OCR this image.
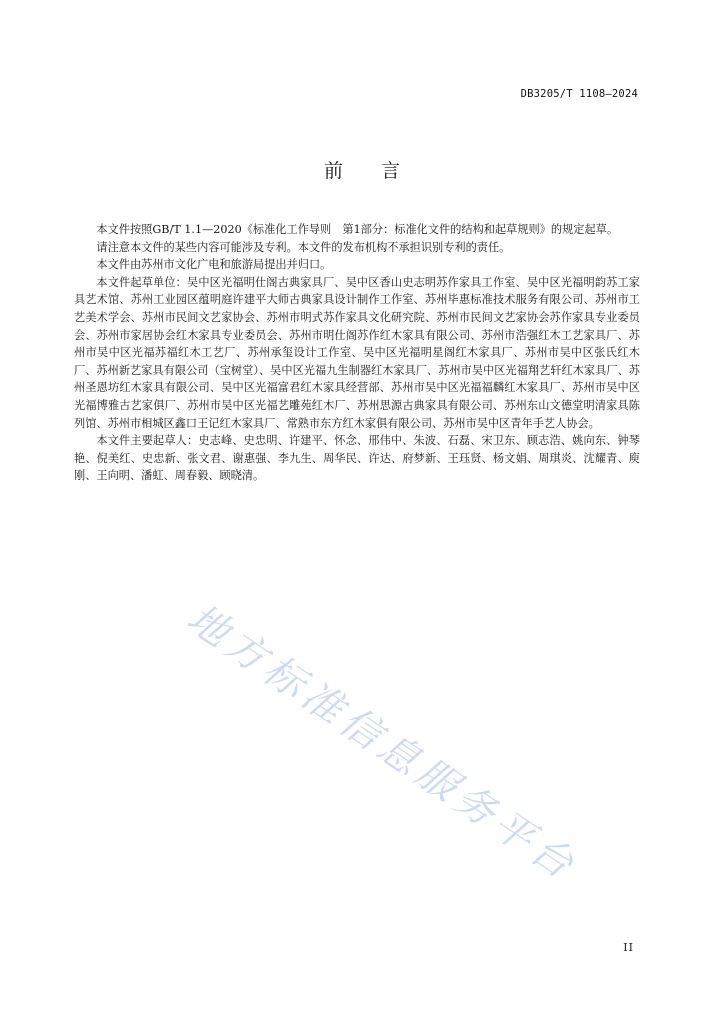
DB3205/T 1108—2024
前言

本文件按照GB/T 1.1—2020《标准化工作导则　第1部分：标准化文件的结构和起草规则》的规定起草。

请注意本文件的某些内容可能涉及专利。本文件的发布机构不承担识别专利的责任。

本文件由苏州市文化广电和旅游局提出并归口。

本文件起草单位：吴中区光福明仕阁古典家具厂、吴中区香山史志明苏作家具工作室、吴中区光福明韵苏工家具艺术馆、苏州工业园区蕴明庭许建平大师古典家具设计制作工作室、苏州毕惠标准技术服务有限公司、苏州市工艺美术学会、苏州市民间文艺家协会、苏州市明式苏作家具文化研究院、苏州市民间文艺家协会苏作家具专业委员会、苏州市家居协会红木家具专业委员会、苏州市明仕阁苏作红木家具有限公司、苏州市浩强红木工艺家具厂、苏州市吴中区光福苏福红木工艺厂、苏州承玺设计工作室、吴中区光福明星阁红木家具厂、苏州市吴中区张氏红木厂、苏州新艺家具有限公司（宝树堂）、吴中区光福九生制器红木家具厂、苏州市吴中区光福翔艺轩红木家具厂、苏州圣恩坊红木家具有限公司、吴中区光福富君红木家具经营部、苏州市吴中区光福福麟红木家具厂、苏州市吴中区光福博雅古艺家俱厂、苏州市吴中区光福艺雕苑红木厂、苏州思源古典家具有限公司、苏州东山文德堂明清家具陈列馆、苏州市相城区鑫口王记红木家具厂、常熟市东方红木家俱有限公司、苏州市吴中区青年手艺人协会。

本文件主要起草人：史志峰、史忠明、许建平、怀念、邢伟中、朱波、石磊、宋卫东、顾志浩、姚向东、钟琴艳、倪美红、史忠新、张文君、谢惠强、李九生、周华民、许达、府梦新、王珏贤、杨文娟、周琪炎、沈耀青、庾刚、王向明、潘虹、周春毅、顾晓清。

地方标准信息服务平台
II
